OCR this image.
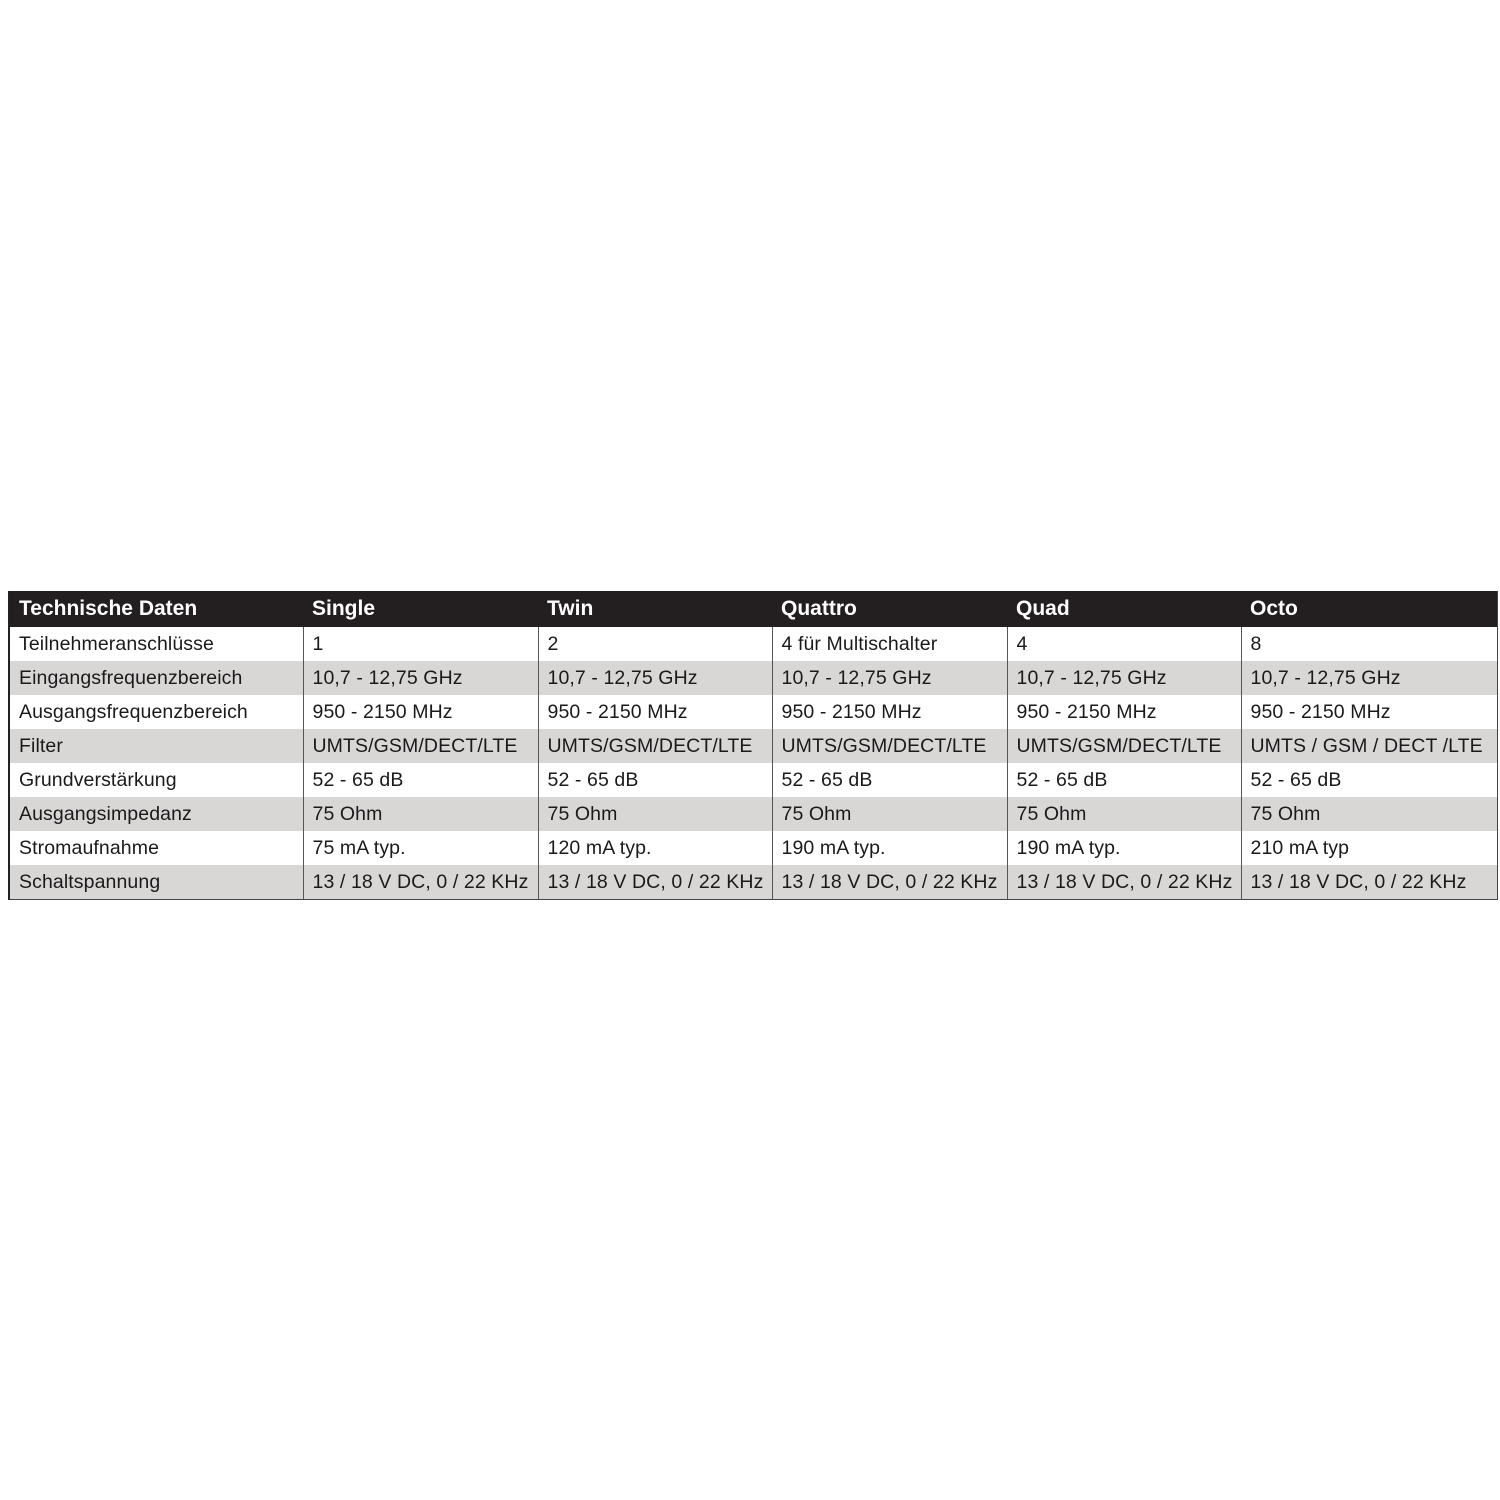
Technische Daten	Single	Twin	Quattro	Quad	Octo
Teilnehmeranschlüsse	1	2	4 für Multischalter	4	8
Eingangsfrequenzbereich	10,7 - 12,75 GHz	10,7 - 12,75 GHz	10,7 - 12,75 GHz	10,7 - 12,75 GHz	10,7 - 12,75 GHz
Ausgangsfrequenzbereich	950 - 2150 MHz	950 - 2150 MHz	950 - 2150 MHz	950 - 2150 MHz	950 - 2150 MHz
Filter	UMTS/GSM/DECT/LTE	UMTS/GSM/DECT/LTE	UMTS/GSM/DECT/LTE	UMTS/GSM/DECT/LTE	UMTS / GSM / DECT /LTE
Grundverstärkung	52 - 65 dB	52 - 65 dB	52 - 65 dB	52 - 65 dB	52 - 65 dB
Ausgangsimpedanz	75 Ohm	75 Ohm	75 Ohm	75 Ohm	75 Ohm
Stromaufnahme	75 mA typ.	120 mA typ.	190 mA typ.	190 mA typ.	210 mA typ
Schaltspannung	13 / 18 V DC, 0 / 22 KHz	13 / 18 V DC, 0 / 22 KHz	13 / 18 V DC, 0 / 22 KHz	13 / 18 V DC, 0 / 22 KHz	13 / 18 V DC, 0 / 22 KHz
